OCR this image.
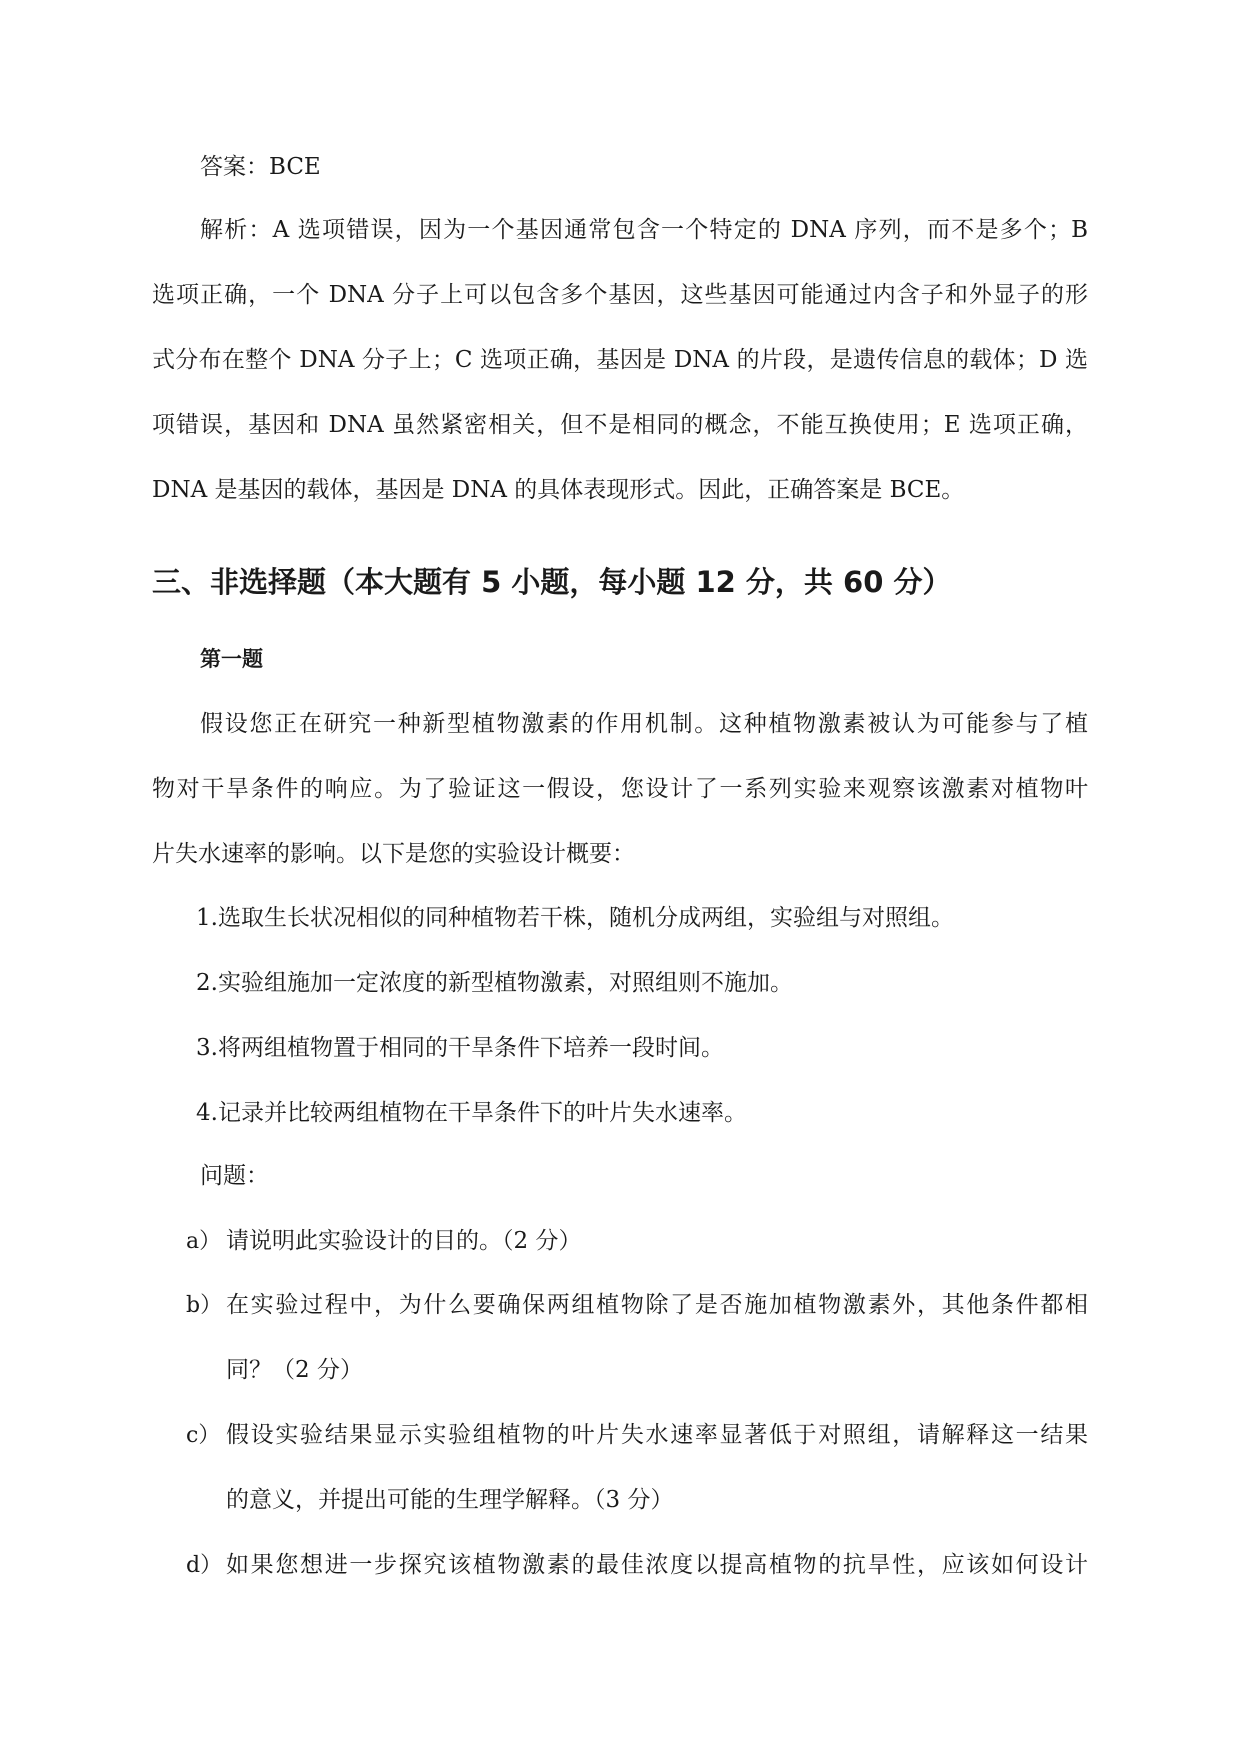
答案：BCE
解析：A 选项错误，因为一个基因通常包含一个特定的 DNA 序列，而不是多个；B
选项正确，一个 DNA 分子上可以包含多个基因，这些基因可能通过内含子和外显子的形
式分布在整个 DNA 分子上；C 选项正确，基因是 DNA 的片段，是遗传信息的载体；D 选
项错误，基因和 DNA 虽然紧密相关，但不是相同的概念，不能互换使用；E 选项正确，
DNA 是基因的载体，基因是 DNA 的具体表现形式。因此，正确答案是 BCE。
三、非选择题（本大题有 5 小题，每小题 12 分，共 60 分）
第一题
假设您正在研究一种新型植物激素的作用机制。这种植物激素被认为可能参与了植
物对干旱条件的响应。为了验证这一假设，您设计了一系列实验来观察该激素对植物叶
片失水速率的影响。以下是您的实验设计概要：
1.选取生长状况相似的同种植物若干株，随机分成两组，实验组与对照组。
2.实验组施加一定浓度的新型植物激素，对照组则不施加。
3.将两组植物置于相同的干旱条件下培养一段时间。
4.记录并比较两组植物在干旱条件下的叶片失水速率。
问题：
a） 请说明此实验设计的目的。（2 分）
b） 在实验过程中，为什么要确保两组植物除了是否施加植物激素外，其他条件都相
同？（2 分）
c） 假设实验结果显示实验组植物的叶片失水速率显著低于对照组，请解释这一结果
的意义，并提出可能的生理学解释。（3 分）
d） 如果您想进一步探究该植物激素的最佳浓度以提高植物的抗旱性，应该如何设计
